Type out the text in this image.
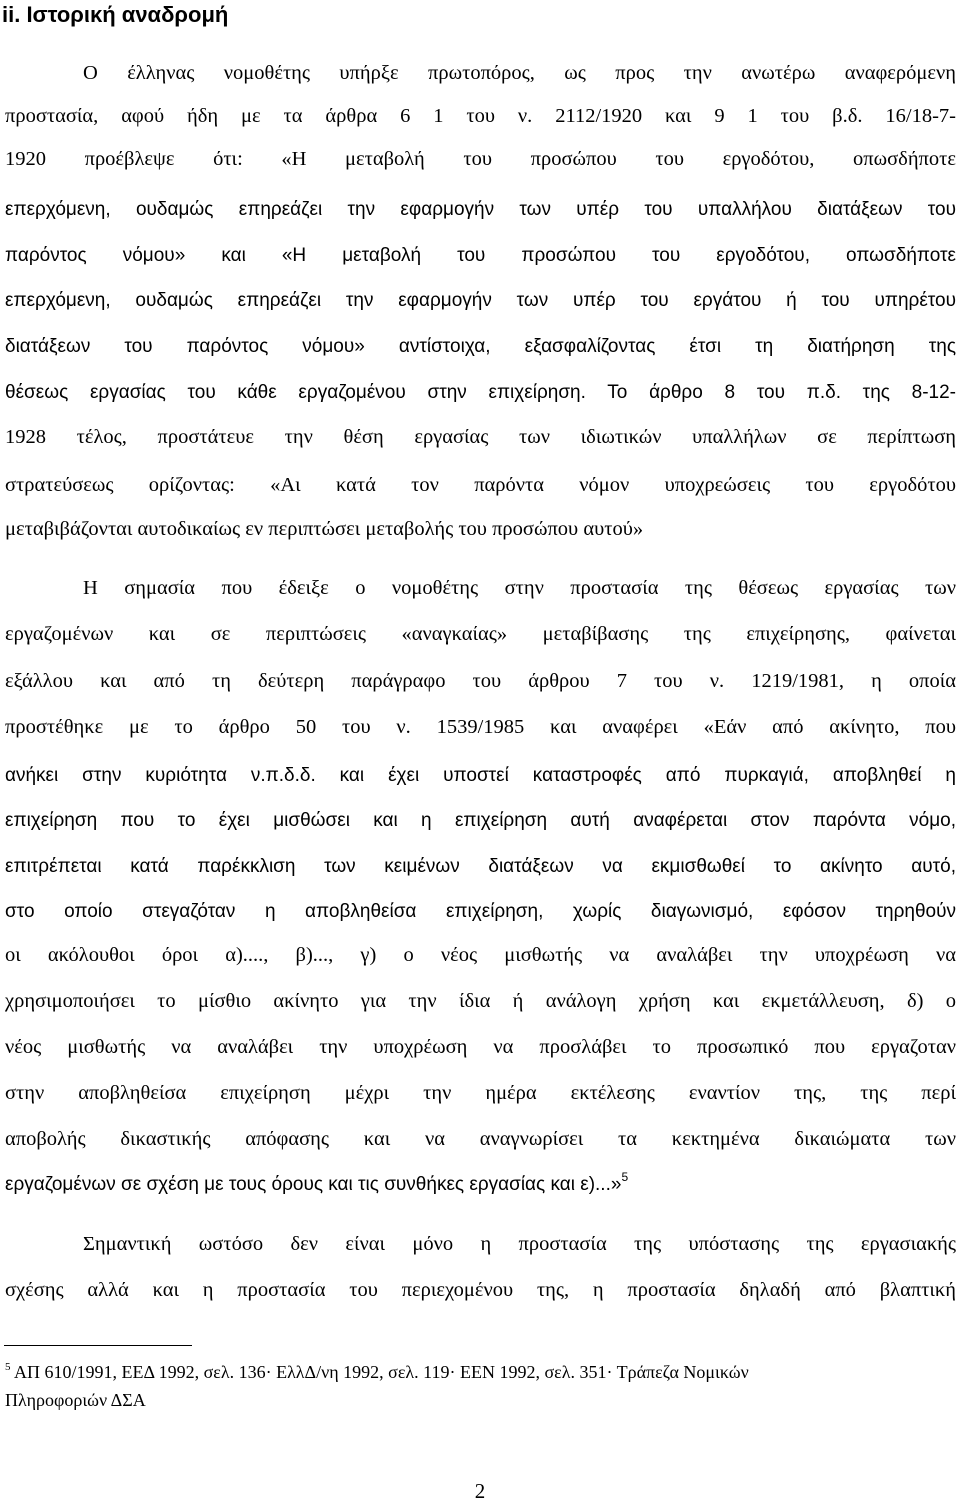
ii. Ιστορική αναδρομή
Ο έλληνας νομοθέτης υπήρξε πρωτοπόρος, ως προς την ανωτέρω αναφερόμενη
προστασία, αφού ήδη με τα άρθρα 6 1 του ν. 2112/1920 και 9 1 του β.δ. 16/18-7-
1920 προέβλεψε ότι: «Η μεταβολή του προσώπου του εργοδότου, οπωσδήποτε
επερχόμενη, ουδαμώς επηρεάζει την εφαρμογήν των υπέρ του υπαλλήλου διατάξεων του
παρόντος νόμου» και «Η μεταβολή του προσώπου του εργοδότου, οπωσδήποτε
επερχόμενη, ουδαμώς επηρεάζει την εφαρμογήν των υπέρ του εργάτου ή του υπηρέτου
διατάξεων του παρόντος νόμου» αντίστοιχα, εξασφαλίζοντας έτσι τη διατήρηση της
θέσεως εργασίας του κάθε εργαζομένου στην επιχείρηση. Το άρθρο 8 του π.δ. της 8-12-
1928 τέλος, προστάτευε την θέση εργασίας των ιδιωτικών υπαλλήλων σε περίπτωση
στρατεύσεως ορίζοντας: «Αι κατά τον παρόντα νόμον υποχρεώσεις του εργοδότου
μεταβιβάζονται αυτοδικαίως εν περιπτώσει μεταβολής του προσώπου αυτού»
Η σημασία που έδειξε ο νομοθέτης στην προστασία της θέσεως εργασίας των
εργαζομένων και σε περιπτώσεις «αναγκαίας» μεταβίβασης της επιχείρησης, φαίνεται
εξάλλου και από τη δεύτερη παράγραφο του άρθρου 7 του ν. 1219/1981, η οποία
προστέθηκε με το άρθρο 50 του ν. 1539/1985 και αναφέρει «Εάν από ακίνητο, που
ανήκει στην κυριότητα ν.π.δ.δ. και έχει υποστεί καταστροφές από πυρκαγιά, αποβληθεί η
επιχείρηση που το έχει μισθώσει και η επιχείρηση αυτή αναφέρεται στον παρόντα νόμο,
επιτρέπεται κατά παρέκκλιση των κειμένων διατάξεων να εκμισθωθεί το ακίνητο αυτό,
στο οποίο στεγαζόταν η αποβληθείσα επιχείρηση, χωρίς διαγωνισμό, εφόσον τηρηθούν
οι ακόλουθοι όροι α)...., β)..., γ) ο νέος μισθωτής να αναλάβει την υποχρέωση να
χρησιμοποιήσει το μίσθιο ακίνητο για την ίδια ή ανάλογη χρήση και εκμετάλλευση, δ) ο
νέος μισθωτής να αναλάβει την υποχρέωση να προσλάβει το προσωπικό που εργαζοταν
στην αποβληθείσα επιχείρηση μέχρι την ημέρα εκτέλεσης εναντίον της, της περί
αποβολής δικαστικής απόφασης και να αναγνωρίσει τα κεκτημένα δικαιώματα των
εργαζομένων σε σχέση με τους όρους και τις συνθήκες εργασίας και ε)...»$^5$
Σημαντική ωστόσο δεν είναι μόνο η προστασία της υπόστασης της εργασιακής
σχέσης αλλά και η προστασία του περιεχομένου της, η προστασία δηλαδή από βλαπτική
$^5$ ΑΠ 610/1991, ΕΕΔ 1992, σελ. 136· ΕλλΔ/νη 1992, σελ. 119· ΕΕΝ 1992, σελ. 351· Τράπεζα Νομικών
Πληροφοριών ΔΣΑ
2
